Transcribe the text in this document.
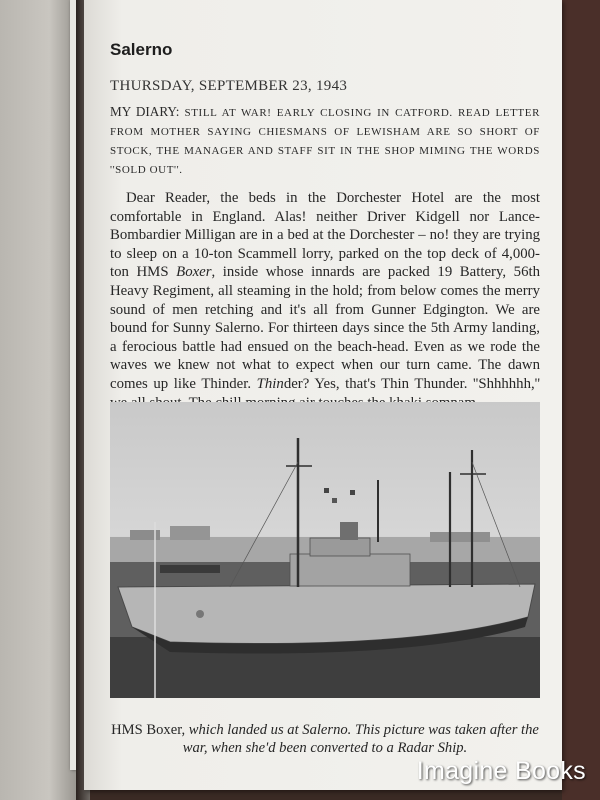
Salerno

THURSDAY, SEPTEMBER 23, 1943

MY DIARY: STILL AT WAR! EARLY CLOSING IN CATFORD. READ LETTER FROM MOTHER SAYING CHIESMANS OF LEWISHAM ARE SO SHORT OF STOCK, THE MANAGER AND STAFF SIT IN THE SHOP MIMING THE WORDS ''SOLD OUT''.

Dear Reader, the beds in the Dorchester Hotel are the most comfortable in England. Alas! neither Driver Kidgell nor Lance-Bombardier Milligan are in a bed at the Dorchester – no! they are trying to sleep on a 10-ton Scammell lorry, parked on the top deck of 4,000-ton HMS Boxer, inside whose innards are packed 19 Battery, 56th Heavy Regiment, all steaming in the hold; from below comes the merry sound of men retching and it's all from Gunner Edgington. We are bound for Sunny Salerno. For thirteen days since the 5th Army landing, a ferocious battle had ensued on the beach-head. Even as we rode the waves we knew not what to expect when our turn came. The dawn comes up like Thinder. Thinder? Yes, that's Thin Thunder. ''Shhhhhh,''

HMS Boxer, which landed us at Salerno. This picture was taken after the war, when she'd been converted to a Radar Ship.

Imagine Books
